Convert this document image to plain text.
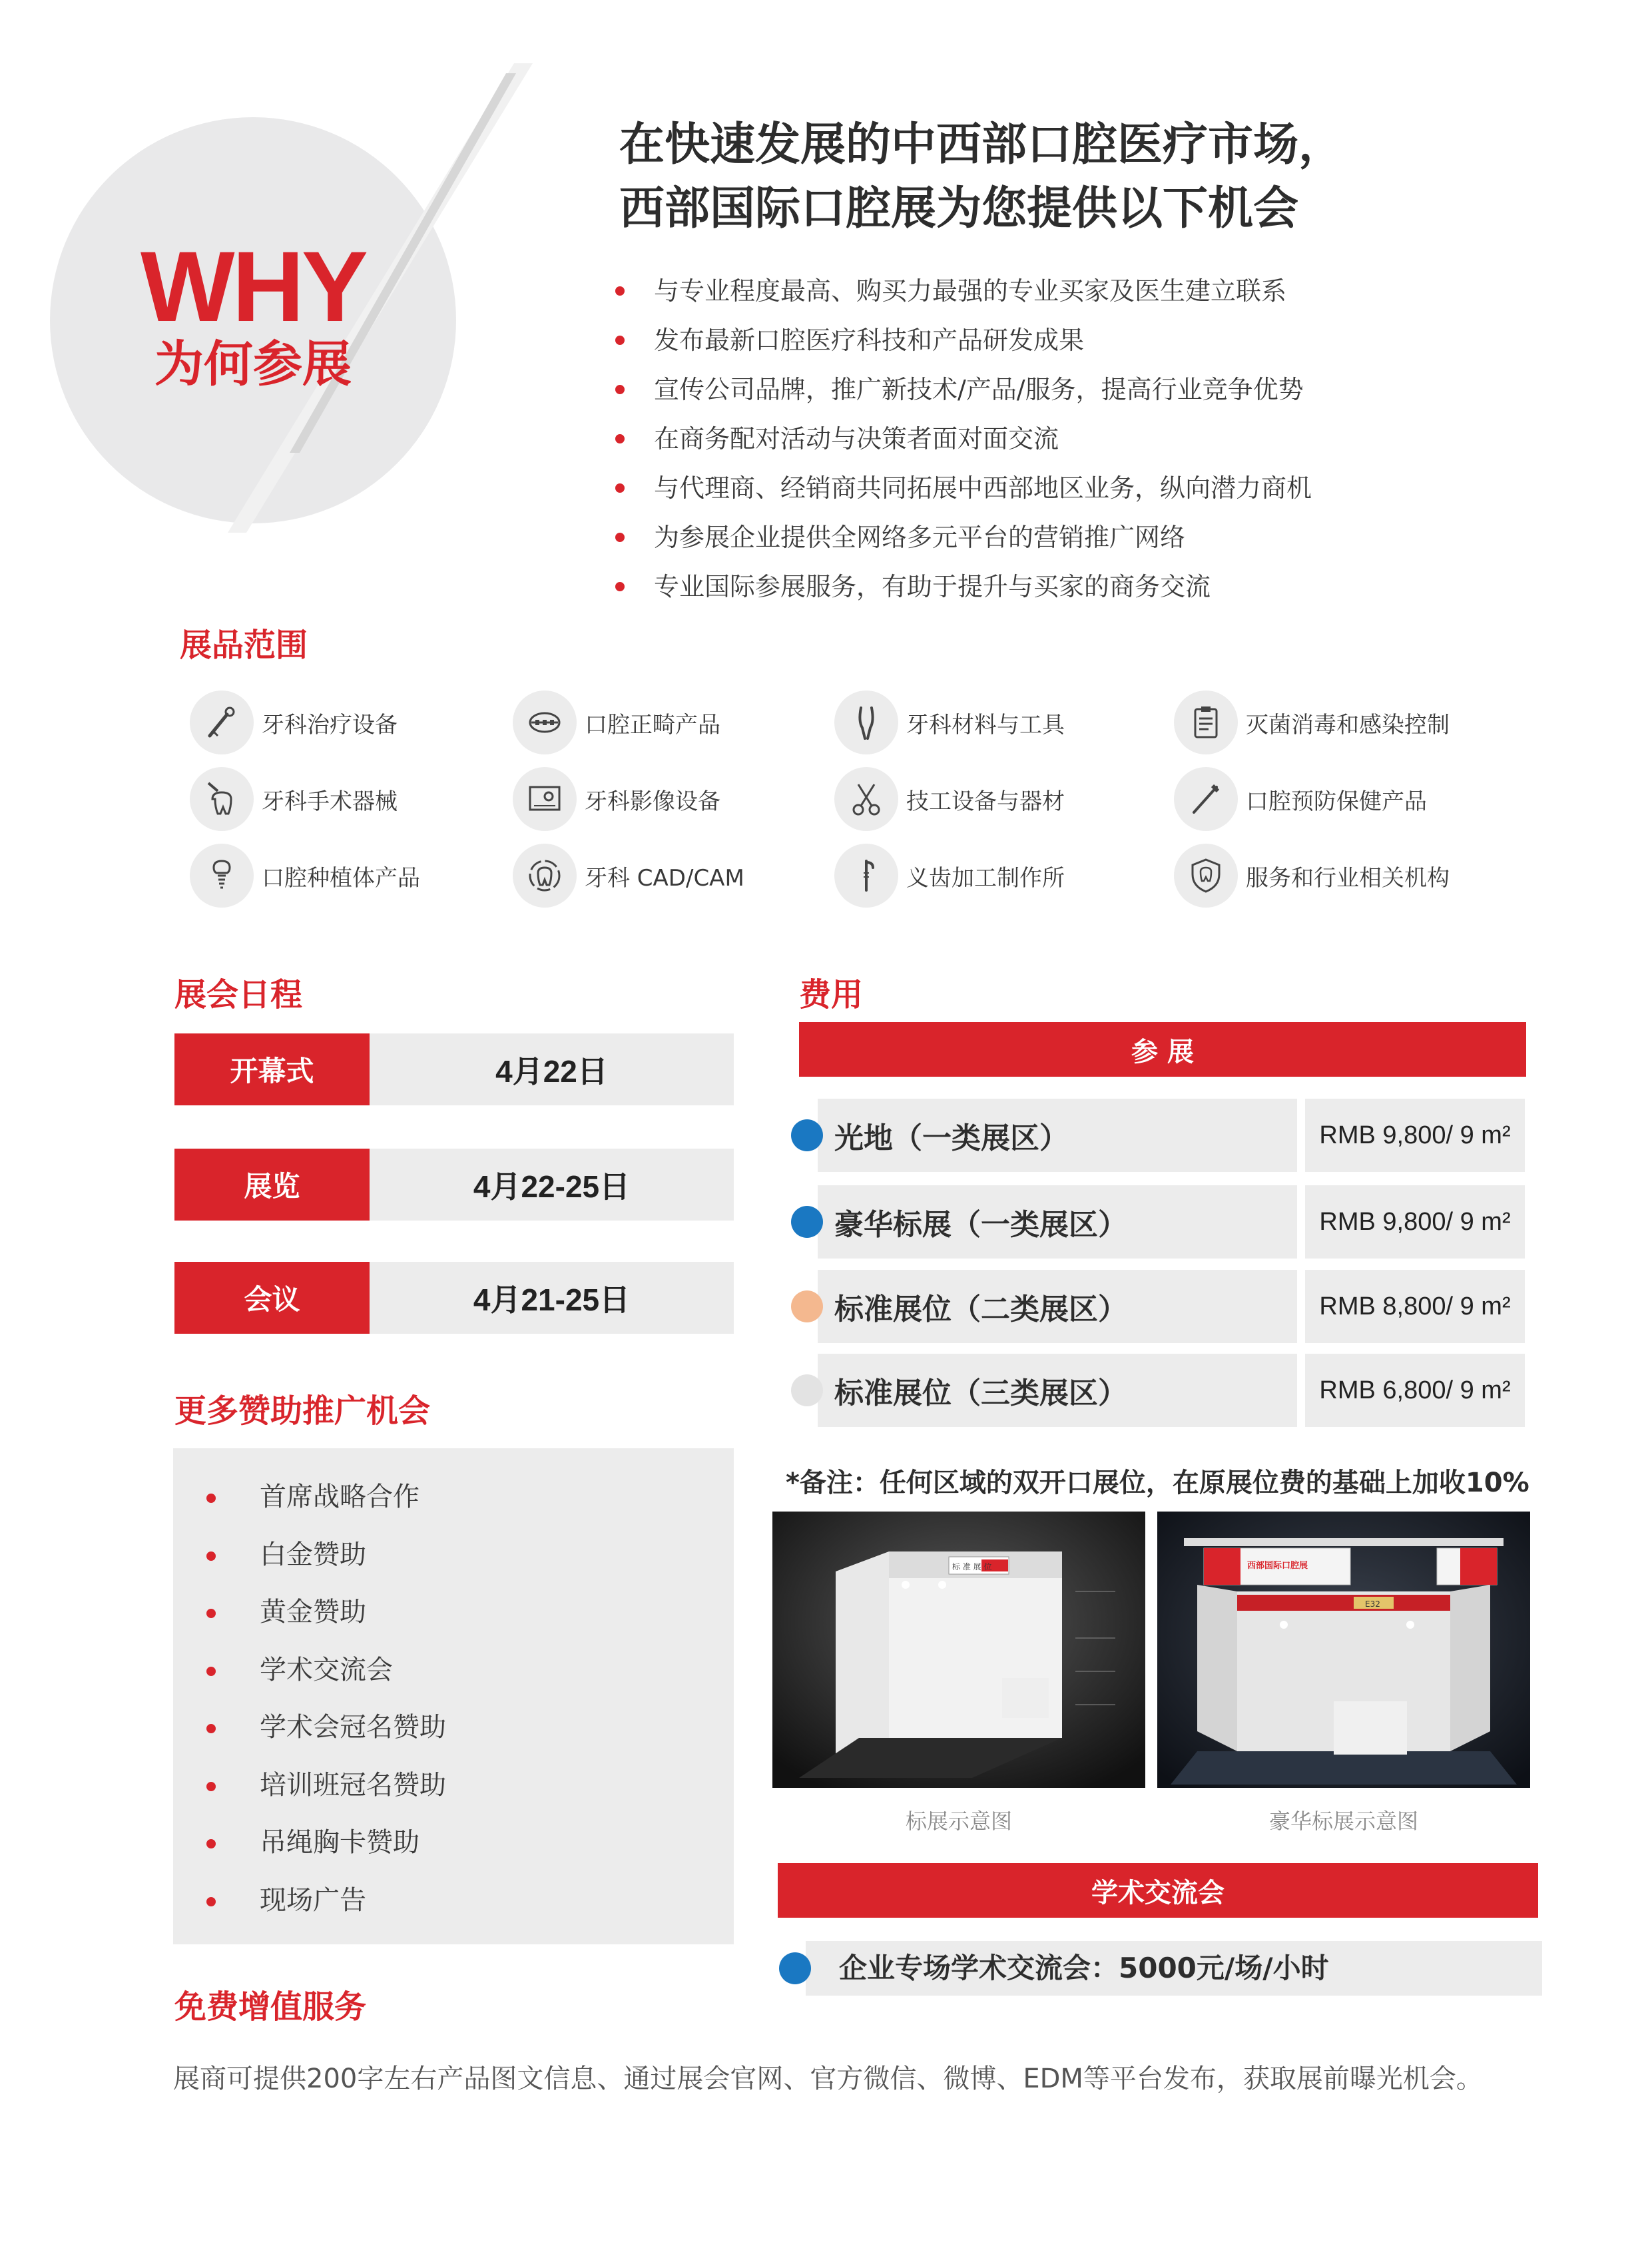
WHY
为何参展
在快速发展的中西部口腔医疗市场，
西部国际口腔展为您提供以下机会
与专业程度最高、购买力最强的专业买家及医生建立联系
发布最新口腔医疗科技和产品研发成果
宣传公司品牌，推广新技术/产品/服务，提高行业竞争优势
在商务配对活动与决策者面对面交流
与代理商、经销商共同拓展中西部地区业务，纵向潜力商机
为参展企业提供全网络多元平台的营销推广网络
专业国际参展服务，有助于提升与买家的商务交流
展品范围
牙科治疗设备	口腔正畸产品	牙科材料与工具	灭菌消毒和感染控制
牙科手术器械	牙科影像设备	技工设备与器材	口腔预防保健产品
口腔种植体产品	牙科 CAD/CAM	义齿加工制作所	服务和行业相关机构
展会日程
开幕式	4月22日
展览	4月22-25日
会议	4月21-25日
更多赞助推广机会
首席战略合作
白金赞助
黄金赞助
学术交流会
学术会冠名赞助
培训班冠名赞助
吊绳胸卡赞助
现场广告
费用
参 展
光地（一类展区）	RMB 9,800/ 9 m²
豪华标展（一类展区）	RMB 9,800/ 9 m²
标准展位（二类展区）	RMB 8,800/ 9 m²
标准展位（三类展区）	RMB 6,800/ 9 m²
*备注：任何区域的双开口展位，在原展位费的基础上加收10%
标 准 展 位	西部国际口腔展
E32
标展示意图	豪华标展示意图
学术交流会
企业专场学术交流会：5000元/场/小时
免费增值服务
展商可提供200字左右产品图文信息、通过展会官网、官方微信、微博、EDM等平台发布，获取展前曝光机会。
